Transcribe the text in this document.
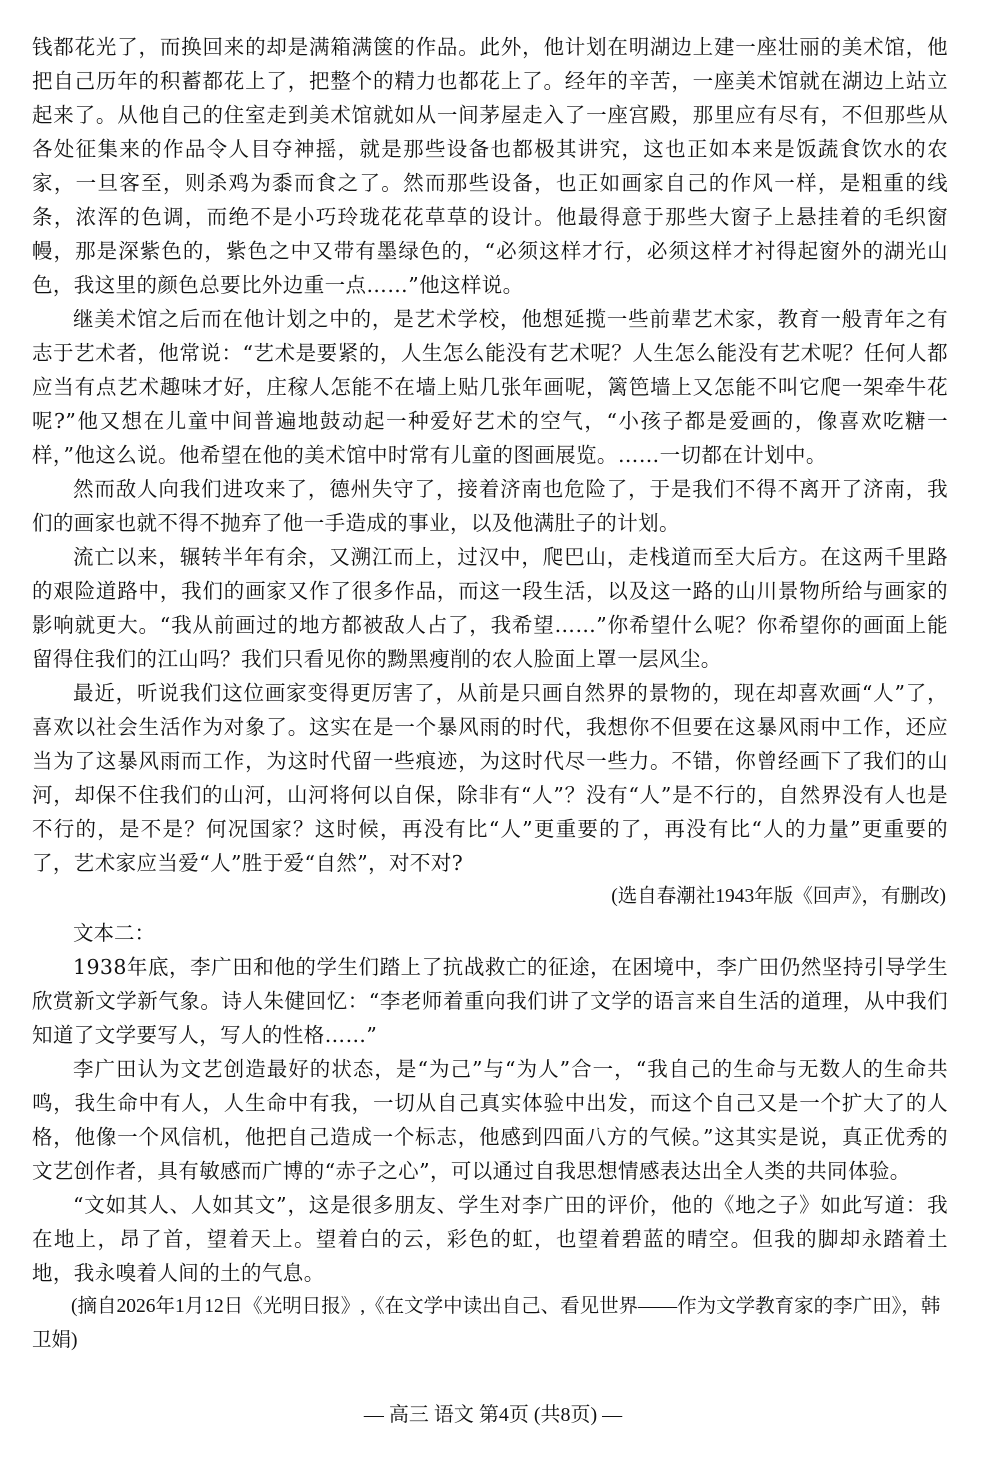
钱都花光了，而换回来的却是满箱满箧的作品。此外，他计划在明湖边上建一座壮丽的美术馆，他把自己历年的积蓄都花上了，把整个的精力也都花上了。经年的辛苦，一座美术馆就在湖边上站立起来了。从他自己的住室走到美术馆就如从一间茅屋走入了一座宫殿，那里应有尽有，不但那些从各处征集来的作品令人目夺神摇，就是那些设备也都极其讲究，这也正如本来是饭蔬食饮水的农家，一旦客至，则杀鸡为黍而食之了。然而那些设备，也正如画家自己的作风一样，是粗重的线条，浓浑的色调，而绝不是小巧玲珑花花草草的设计。他最得意于那些大窗子上悬挂着的毛织窗幔，那是深紫色的，紫色之中又带有墨绿色的，“必须这样才行，必须这样才衬得起窗外的湖光山色，我这里的颜色总要比外边重一点……”他这样说。

继美术馆之后而在他计划之中的，是艺术学校，他想延揽一些前辈艺术家，教育一般青年之有志于艺术者，他常说：“艺术是要紧的，人生怎么能没有艺术呢？人生怎么能没有艺术呢？任何人都应当有点艺术趣味才好，庄稼人怎能不在墙上贴几张年画呢，篱笆墙上又怎能不叫它爬一架牵牛花呢?”他又想在儿童中间普遍地鼓动起一种爱好艺术的空气，“小孩子都是爱画的，像喜欢吃糖一样，”他这么说。他希望在他的美术馆中时常有儿童的图画展览。……一切都在计划中。

然而敌人向我们进攻来了，德州失守了，接着济南也危险了，于是我们不得不离开了济南，我们的画家也就不得不抛弃了他一手造成的事业，以及他满肚子的计划。

流亡以来，辗转半年有余，又溯江而上，过汉中，爬巴山，走栈道而至大后方。在这两千里路的艰险道路中，我们的画家又作了很多作品，而这一段生活，以及这一路的山川景物所给与画家的影响就更大。“我从前画过的地方都被敌人占了，我希望……”你希望什么呢？你希望你的画面上能留得住我们的江山吗？我们只看见你的黝黑瘦削的农人脸面上罩一层风尘。

最近，听说我们这位画家变得更厉害了，从前是只画自然界的景物的，现在却喜欢画“人”了，喜欢以社会生活作为对象了。这实在是一个暴风雨的时代，我想你不但要在这暴风雨中工作，还应当为了这暴风雨而工作，为这时代留一些痕迹，为这时代尽一些力。不错，你曾经画下了我们的山河，却保不住我们的山河，山河将何以自保，除非有“人”？没有“人”是不行的，自然界没有人也是不行的，是不是？何况国家？这时候，再没有比“人”更重要的了，再没有比“人的力量”更重要的了，艺术家应当爱“人”胜于爱“自然”，对不对?

(选自春潮社1943年版《回声》，有删改)

文本二：

1938年底，李广田和他的学生们踏上了抗战救亡的征途，在困境中，李广田仍然坚持引导学生欣赏新文学新气象。诗人朱健回忆：“李老师着重向我们讲了文学的语言来自生活的道理，从中我们知道了文学要写人，写人的性格……”

李广田认为文艺创造最好的状态，是“为己”与“为人”合一，“我自己的生命与无数人的生命共鸣，我生命中有人，人生命中有我，一切从自己真实体验中出发，而这个自己又是一个扩大了的人格，他像一个风信机，他把自己造成一个标志，他感到四面八方的气候。”这其实是说，真正优秀的文艺创作者，具有敏感而广博的“赤子之心”，可以通过自我思想情感表达出全人类的共同体验。

“文如其人、人如其文”，这是很多朋友、学生对李广田的评价，他的《地之子》如此写道：我在地上，昂了首，望着天上。望着白的云，彩色的虹，也望着碧蓝的晴空。但我的脚却永踏着土地，我永嗅着人间的土的气息。

(摘自2026年1月12日《光明日报》,《在文学中读出自己、看见世界——作为文学教育家的李广田》，韩卫娟)

— 高三 语文 第4页 (共8页) —
